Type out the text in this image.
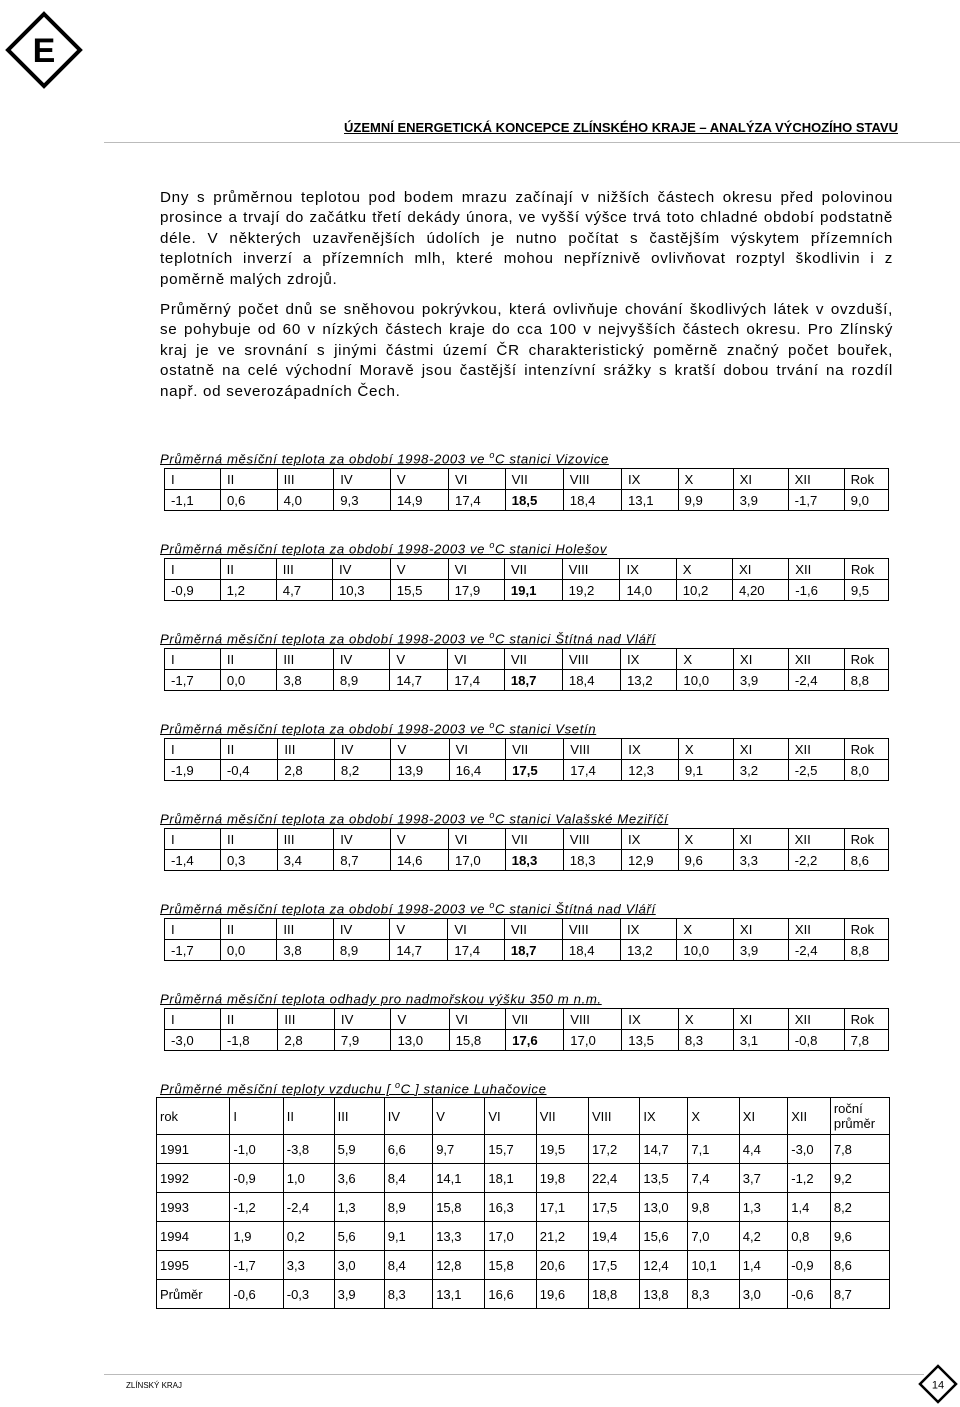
E
ÚZEMNÍ ENERGETICKÁ KONCEPCE ZLÍNSKÉHO KRAJE – ANALÝZA VÝCHOZÍHO STAVU

Dny s průměrnou teplotou pod bodem mrazu začínají v nižších částech okresu před polovinou prosince a trvají do začátku třetí dekády února, ve vyšší výšce trvá toto chladné období podstatně déle. V některých uzavřenějších údolích je nutno počítat s častějším výskytem přízemních teplotních inverzí a přízemních mlh, které mohou nepříznivě ovlivňovat rozptyl škodlivin i z poměrně malých zdrojů.

Průměrný počet dnů se sněhovou pokrývkou, která ovlivňuje chování škodlivých látek v ovzduší, se pohybuje od 60 v nízkých částech kraje do cca 100 v nejvyšších částech okresu. Pro Zlínský kraj je ve srovnání s jinými částmi území ČR charakteristický poměrně značný počet bouřek, ostatně na celé východní Moravě jsou častější intenzívní srážky s kratší dobou trvání na rozdíl např. od severozápadních Čech.

Průměrná měsíční teplota za období 1998-2003 ve $^o$C stanici Vizovice
I	II	III	IV	V	VI	VII	VIII	IX	X	XI	XII	Rok
-1,1	0,6	4,0	9,3	14,9	17,4	18,5	18,4	13,1	9,9	3,9	-1,7	9,0
Průměrná měsíční teplota za období 1998-2003 ve $^o$C stanici Holešov
I	II	III	IV	V	VI	VII	VIII	IX	X	XI	XII	Rok
-0,9	1,2	4,7	10,3	15,5	17,9	19,1	19,2	14,0	10,2	4,20	-1,6	9,5
Průměrná měsíční teplota za období 1998-2003 ve $^o$C stanici Štítná nad Vláří
I	II	III	IV	V	VI	VII	VIII	IX	X	XI	XII	Rok
-1,7	0,0	3,8	8,9	14,7	17,4	18,7	18,4	13,2	10,0	3,9	-2,4	8,8
Průměrná měsíční teplota za období 1998-2003 ve $^o$C stanici Vsetín
I	II	III	IV	V	VI	VII	VIII	IX	X	XI	XII	Rok
-1,9	-0,4	2,8	8,2	13,9	16,4	17,5	17,4	12,3	9,1	3,2	-2,5	8,0
Průměrná měsíční teplota za období 1998-2003 ve $^o$C stanici Valašské Meziříčí
I	II	III	IV	V	VI	VII	VIII	IX	X	XI	XII	Rok
-1,4	0,3	3,4	8,7	14,6	17,0	18,3	18,3	12,9	9,6	3,3	-2,2	8,6
Průměrná měsíční teplota za období 1998-2003 ve $^o$C stanici Štítná nad Vláří
I	II	III	IV	V	VI	VII	VIII	IX	X	XI	XII	Rok
-1,7	0,0	3,8	8,9	14,7	17,4	18,7	18,4	13,2	10,0	3,9	-2,4	8,8
Průměrná měsíční teplota odhady pro nadmořskou výšku 350 m n.m.
I	II	III	IV	V	VI	VII	VIII	IX	X	XI	XII	Rok
-3,0	-1,8	2,8	7,9	13,0	15,8	17,6	17,0	13,5	8,3	3,1	-0,8	7,8
Průměrné měsíční teploty vzduchu [ $^o$C ] stanice Luhačovice
rok	I	II	III	IV	V	VI	VII	VIII	IX	X	XI	XII	roční průměr
1991	-1,0	-3,8	5,9	6,6	9,7	15,7	19,5	17,2	14,7	7,1	4,4	-3,0	7,8
1992	-0,9	1,0	3,6	8,4	14,1	18,1	19,8	22,4	13,5	7,4	3,7	-1,2	9,2
1993	-1,2	-2,4	1,3	8,9	15,8	16,3	17,1	17,5	13,0	9,8	1,3	1,4	8,2
1994	1,9	0,2	5,6	9,1	13,3	17,0	21,2	19,4	15,6	7,0	4,2	0,8	9,6
1995	-1,7	3,3	3,0	8,4	12,8	15,8	20,6	17,5	12,4	10,1	1,4	-0,9	8,6
Průměr	-0,6	-0,3	3,9	8,3	13,1	16,6	19,6	18,8	13,8	8,3	3,0	-0,6	8,7
ZLÍNSKÝ KRAJ	14
